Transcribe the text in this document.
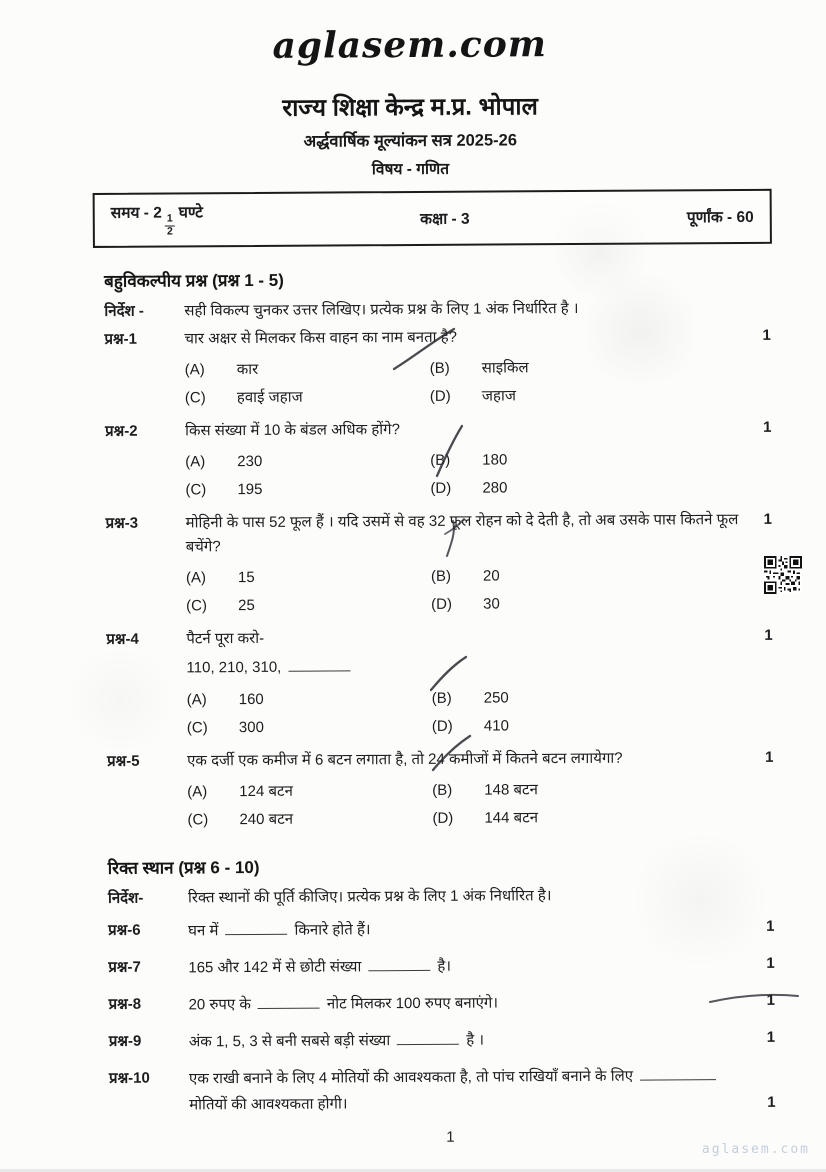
aglasem.com
राज्य शिक्षा केन्द्र म.प्र. भोपाल
अर्द्धवार्षिक मूल्यांकन सत्र 2025-26
विषय - गणित
समय - 2
$\frac{1}{2}$
घण्टे	कक्षा - 3	पूर्णांक - 60
बहुविकल्पीय प्रश्न (प्रश्न 1 - 5)
निर्देश -	सही विकल्प चुनकर उत्तर लिखिए। प्रत्येक प्रश्न के लिए 1 अंक निर्धारित है ।
प्रश्न-1	चार अक्षर से मिलकर किस वाहन का नाम बनता है?
(A) कार	(B) साइकिल
(C) हवाई जहाज	(D) जहाज
1
प्रश्न-2	किस संख्या में 10 के बंडल अधिक होंगे?
(A) 230	(B) 180
(C) 195	(D) 280
1
प्रश्न-3	मोहिनी के पास 52 फूल हैं । यदि उसमें से वह 32 फूल रोहन को दे देती है, तो अब उसके पास कितने फूल बचेंगे?
(A) 15	(B) 20
(C) 25	(D) 30
1
प्रश्न-4	पैटर्न पूरा करो-
110, 210, 310,
(A) 160	(B) 250
(C) 300	(D) 410
1
प्रश्न-5	एक दर्जी एक कमीज में 6 बटन लगाता है, तो 24 कमीजों में कितने बटन लगायेगा?
(A) 124 बटन	(B) 148 बटन
(C) 240 बटन	(D) 144 बटन
1
रिक्त स्थान (प्रश्न 6 - 10)
निर्देश-	रिक्त स्थानों की पूर्ति कीजिए। प्रत्येक प्रश्न के लिए 1 अंक निर्धारित है।
प्रश्न-6	घन में	किनारे होते हैं।	1
प्रश्न-7	165 और 142 में से छोटी संख्या	है।	1
प्रश्न-8	20 रुपए के	नोट मिलकर 100 रुपए बनाएंगे।	1
प्रश्न-9	अंक 1, 5, 3 से बनी सबसे बड़ी संख्या	है ।	1
प्रश्न-10	एक राखी बनाने के लिए 4 मोतियों की आवश्यकता है, तो पांच राखियाँ बनाने के लिएमोतियों की आवश्यकता होगी।	1
1
aglasem.com
